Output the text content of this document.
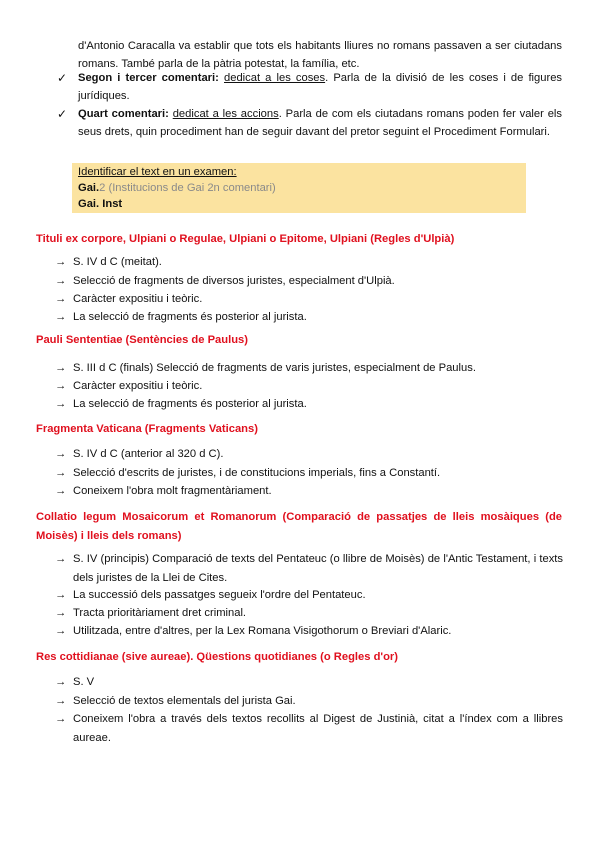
d'Antonio Caracalla va establir que tots els habitants lliures no romans passaven a ser ciutadans romans. També parla de la pàtria potestat, la família, etc.
✓ Segon i tercer comentari: dedicat a les coses. Parla de la divisió de les coses i de figures jurídiques.
✓ Quart comentari: dedicat a les accions. Parla de com els ciutadans romans poden fer valer els seus drets, quin procediment han de seguir davant del pretor seguint el Procediment Formulari.
Identificar el text en un examen:
Gai.2 (Institucions de Gai 2n comentari)
Gai. Inst
Tituli ex corpore, Ulpiani o Regulae, Ulpiani o Epitome, Ulpiani (Regles d'Ulpià)
→ S. IV d C (meitat).
→ Selecció de fragments de diversos juristes, especialment d'Ulpià.
→ Caràcter expositiu i teòric.
→ La selecció de fragments és posterior al jurista.
Pauli Sententiae (Sentències de Paulus)
→ S. III d C (finals) Selecció de fragments de varis juristes, especialment de Paulus.
→ Caràcter expositiu i teòric.
→ La selecció de fragments és posterior al jurista.
Fragmenta Vaticana (Fragments Vaticans)
→ S. IV d C (anterior al 320 d C).
→ Selecció d'escrits de juristes, i de constitucions imperials, fins a Constantí.
→ Coneixem l'obra molt fragmentàriament.
Collatio legum Mosaicorum et Romanorum (Comparació de passatjes de lleis mosàiques (de Moisès) i lleis dels romans)
→ S. IV (principis) Comparació de texts del Pentateuc (o llibre de Moisès) de l'Antic Testament, i texts dels juristes de la Llei de Cites.
→ La successió dels passatges segueix l'ordre del Pentateuc.
→ Tracta prioritàriament dret criminal.
→ Utilitzada, entre d'altres, per la Lex Romana Visigothorum o Breviari d'Alaric.
Res cottidianae (sive aureae). Qüestions quotidianes (o Regles d'or)
→ S. V
→ Selecció de textos elementals del jurista Gai.
→ Coneixem l'obra a través dels textos recollits al Digest de Justinià, citat a l'índex com a llibres aureae.
